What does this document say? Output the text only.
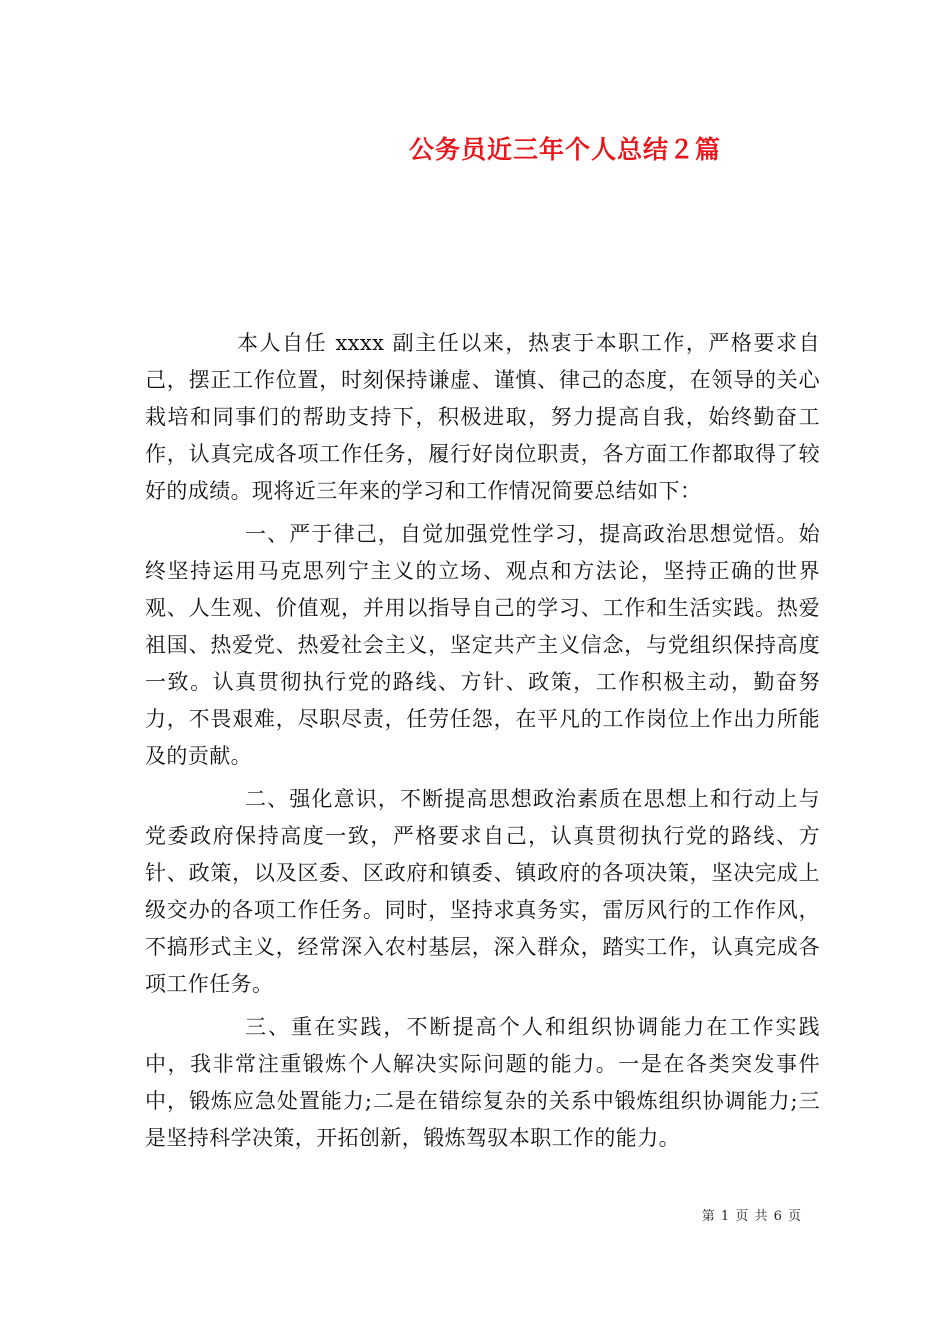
公务员近三年个人总结２篇

本人自任 xxxx 副主任以来，热衷于本职工作，严格要求自己，摆正工作位置，时刻保持谦虚、谨慎、律己的态度，在领导的关心栽培和同事们的帮助支持下，积极进取，努力提高自我，始终勤奋工作，认真完成各项工作任务，履行好岗位职责，各方面工作都取得了较好的成绩。现将近三年来的学习和工作情况简要总结如下：

一、严于律己，自觉加强党性学习，提高政治思想觉悟。始终坚持运用马克思列宁主义的立场、观点和方法论，坚持正确的世界观、人生观、价值观，并用以指导自己的学习、工作和生活实践。热爱祖国、热爱党、热爱社会主义，坚定共产主义信念，与党组织保持高度一致。认真贯彻执行党的路线、方针、政策，工作积极主动，勤奋努力，不畏艰难，尽职尽责，任劳任怨，在平凡的工作岗位上作出力所能及的贡献。

二、强化意识，不断提高思想政治素质在思想上和行动上与党委政府保持高度一致，严格要求自己，认真贯彻执行党的路线、方针、政策，以及区委、区政府和镇委、镇政府的各项决策，坚决完成上级交办的各项工作任务。同时，坚持求真务实，雷厉风行的工作作风，不搞形式主义，经常深入农村基层，深入群众，踏实工作，认真完成各项工作任务。

三、重在实践，不断提高个人和组织协调能力在工作实践中，我非常注重锻炼个人解决实际问题的能力。一是在各类突发事件中，锻炼应急处置能力;二是在错综复杂的关系中锻炼组织协调能力;三是坚持科学决策，开拓创新，锻炼驾驭本职工作的能力。

第 1 页 共 6 页
